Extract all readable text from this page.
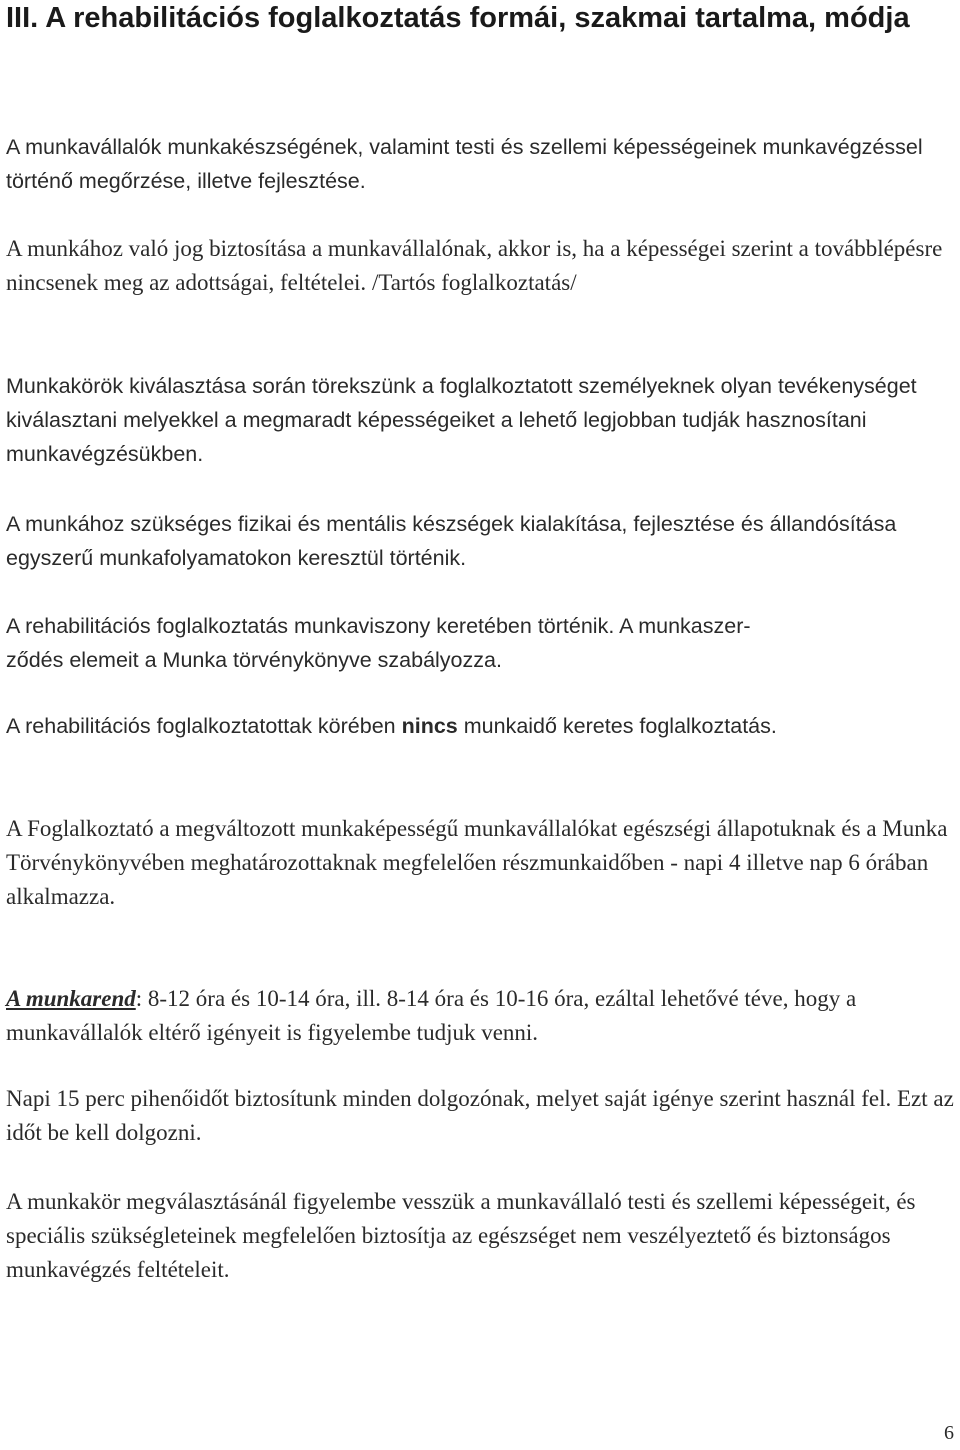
III. A rehabilitációs foglalkoztatás formái, szakmai tartalma, módja

A munkavállalók munkakészségének, valamint testi és szellemi képességeinek munkavégzéssel történő megőrzése, illetve fejlesztése.

A munkához való jog biztosítása a munkavállalónak, akkor is, ha a képességei szerint a továbblépésre nincsenek meg az adottságai, feltételei. /Tartós foglalkoztatás/

Munkakörök kiválasztása során törekszünk a foglalkoztatott személyeknek olyan tevékenységet kiválasztani melyekkel a megmaradt képességeiket a lehető legjobban tudják hasznosítani munkavégzésükben.

A munkához szükséges fizikai és mentális készségek kialakítása, fejlesztése és állandósítása egyszerű munkafolyamatokon keresztül történik.

A rehabilitációs foglalkoztatás munkaviszony keretében történik. A munkaszer-
ződés elemeit a Munka törvénykönyve szabályozza.

A rehabilitációs foglalkoztatottak körében nincs munkaidő keretes foglalkoztatás.

A Foglalkoztató a megváltozott munkaképességű munkavállalókat egészségi állapotuknak és a Munka Törvénykönyvében meghatározottaknak megfelelően részmunkaidőben - napi 4 illetve nap 6 órában alkalmazza.

A munkarend: 8-12 óra és 10-14 óra, ill. 8-14 óra és 10-16 óra, ezáltal lehetővé téve, hogy a munkavállalók eltérő igényeit is figyelembe tudjuk venni.

Napi 15 perc pihenőidőt biztosítunk minden dolgozónak, melyet saját igénye szerint használ fel. Ezt az időt be kell dolgozni.

A munkakör megválasztásánál figyelembe vesszük a munkavállaló testi és szellemi képességeit, és speciális szükségleteinek megfelelően biztosítja az egészséget nem veszélyeztető és biztonságos munkavégzés feltételeit.

6
